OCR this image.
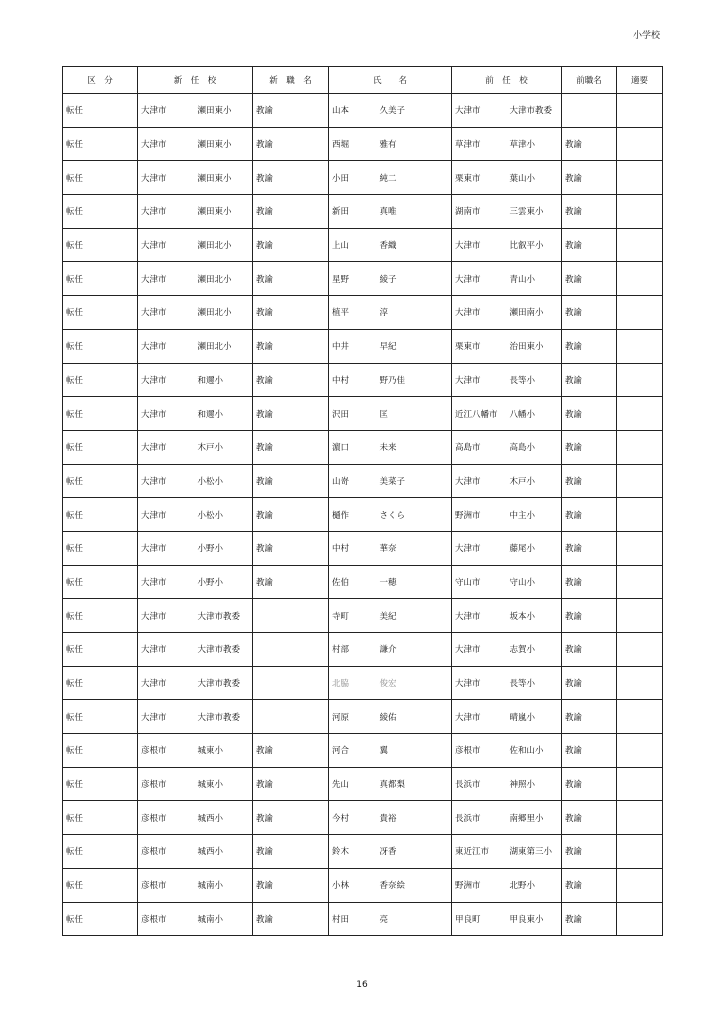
小学校
区　分	新　任　校		新　職　名	氏　　名		前　任　校		前職名	適要
転任	大津市	瀬田東小	教諭	山本	久美子	大津市	大津市教委		
転任	大津市	瀬田東小	教諭	西堀	雅有	草津市	草津小	教諭	
転任	大津市	瀬田東小	教諭	小田	純二	栗東市	葉山小	教諭	
転任	大津市	瀬田東小	教諭	新田	真唯	湖南市	三雲東小	教諭	
転任	大津市	瀬田北小	教諭	上山	香織	大津市	比叡平小	教諭	
転任	大津市	瀬田北小	教諭	星野	綾子	大津市	青山小	教諭	
転任	大津市	瀬田北小	教諭	植平	淳	大津市	瀬田南小	教諭	
転任	大津市	瀬田北小	教諭	中井	早紀	栗東市	治田東小	教諭	
転任	大津市	和邇小	教諭	中村	野乃佳	大津市	長等小	教諭	
転任	大津市	和邇小	教諭	沢田	匡	近江八幡市	八幡小	教諭	
転任	大津市	木戸小	教諭	濵口	未来	高島市	高島小	教諭	
転任	大津市	小松小	教諭	山嵜	美菜子	大津市	木戸小	教諭	
転任	大津市	小松小	教諭	樋作	さくら	野洲市	中主小	教諭	
転任	大津市	小野小	教諭	中村	華奈	大津市	藤尾小	教諭	
転任	大津市	小野小	教諭	佐伯	一穂	守山市	守山小	教諭	
転任	大津市	大津市教委		寺町	美紀	大津市	坂本小	教諭	
転任	大津市	大津市教委		村部	謙介	大津市	志賀小	教諭	
転任	大津市	大津市教委		北脇	俊宏	大津市	長等小	教諭	
転任	大津市	大津市教委		河原	綾佑	大津市	晴嵐小	教諭	
転任	彦根市	城東小	教諭	河合	翼	彦根市	佐和山小	教諭	
転任	彦根市	城東小	教諭	先山	真都梨	長浜市	神照小	教諭	
転任	彦根市	城西小	教諭	今村	貴裕	長浜市	南郷里小	教諭	
転任	彦根市	城西小	教諭	鈴木	冴香	東近江市	湖東第三小	教諭	
転任	彦根市	城南小	教諭	小林	香奈絵	野洲市	北野小	教諭	
転任	彦根市	城南小	教諭	村田	亮	甲良町	甲良東小	教諭	
16
